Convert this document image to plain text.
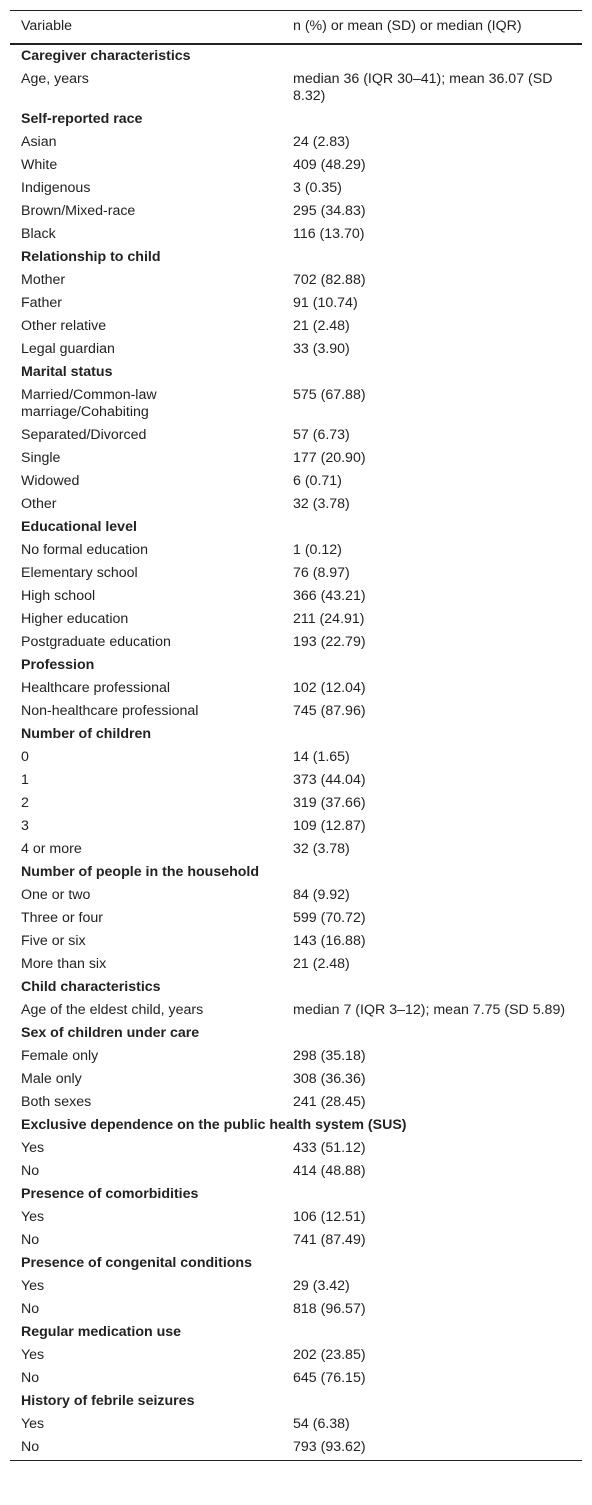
Variable	n (%) or mean (SD) or median (IQR)
Caregiver characteristics	
Age, years	median 36 (IQR 30–41); mean 36.07 (SD 8.32)
Self-reported race	
Asian	24 (2.83)
White	409 (48.29)
Indigenous	3 (0.35)
Brown/Mixed-race	295 (34.83)
Black	116 (13.70)
Relationship to child	
Mother	702 (82.88)
Father	91 (10.74)
Other relative	21 (2.48)
Legal guardian	33 (3.90)
Marital status	
Married/Common-law marriage/Cohabiting	575 (67.88)
Separated/Divorced	57 (6.73)
Single	177 (20.90)
Widowed	6 (0.71)
Other	32 (3.78)
Educational level	
No formal education	1 (0.12)
Elementary school	76 (8.97)
High school	366 (43.21)
Higher education	211 (24.91)
Postgraduate education	193 (22.79)
Profession	
Healthcare professional	102 (12.04)
Non-healthcare professional	745 (87.96)
Number of children	
0	14 (1.65)
1	373 (44.04)
2	319 (37.66)
3	109 (12.87)
4 or more	32 (3.78)
Number of people in the household	
One or two	84 (9.92)
Three or four	599 (70.72)
Five or six	143 (16.88)
More than six	21 (2.48)
Child characteristics	
Age of the eldest child, years	median 7 (IQR 3–12); mean 7.75 (SD 5.89)
Sex of children under care	
Female only	298 (35.18)
Male only	308 (36.36)
Both sexes	241 (28.45)
Exclusive dependence on the public health system (SUS)	
Yes	433 (51.12)
No	414 (48.88)
Presence of comorbidities	
Yes	106 (12.51)
No	741 (87.49)
Presence of congenital conditions	
Yes	29 (3.42)
No	818 (96.57)
Regular medication use	
Yes	202 (23.85)
No	645 (76.15)
History of febrile seizures	
Yes	54 (6.38)
No	793 (93.62)
